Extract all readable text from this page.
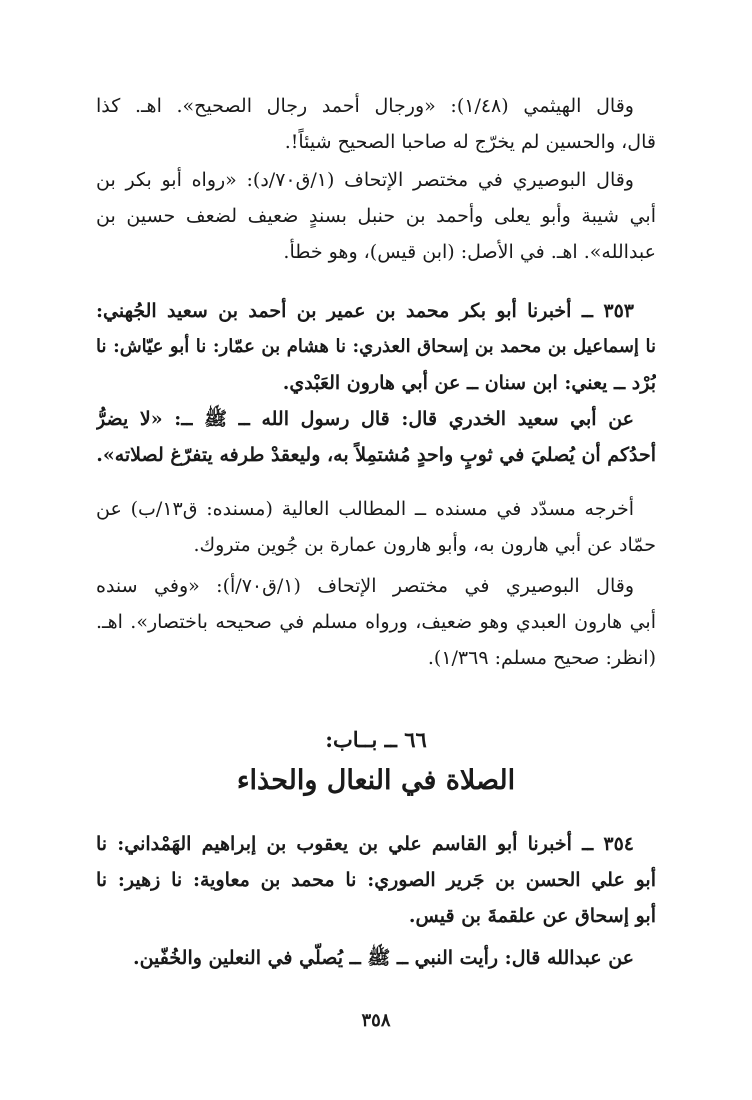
وقال الهيثمي (١/٤٨): «ورجال أحمد رجال الصحيح». اهـ. كذا
قال، والحسين لم يخرّج له صاحبا الصحيح شيئاً!.
وقال البوصيري في مختصر الإتحاف (١/ق٧٠/د): «رواه أبو بكر بن
أبي شيبة وأبو يعلى وأحمد بن حنبل بسندٍ ضعيف لضعف حسين بن
عبدالله». اهـ. في الأصل: (ابن قيس)، وهو خطأ.
٣٥٣ ــ أخبرنا أبو بكر محمد بن عمير بن أحمد بن سعيد الجُهني:
نا إسماعيل بن محمد بن إسحاق العذري: نا هشام بن عمّار: نا أبو عيّاش: نا
بُرْد ــ يعني: ابن سنان ــ عن أبي هارون العَبْدي.
عن أبي سعيد الخدري قال: قال رسول الله ــ ﷺ ــ: «لا يضرُّ
أحدُكم أن يُصليَ في ثوبٍ واحدٍ مُشتمِلاً به، وليعقدْ طرفه يتفرّغ لصلاته».
أخرجه مسدّد في مسنده ــ المطالب العالية (مسنده: ق١٣/ب) عن
حمّاد عن أبي هارون به، وأبو هارون عمارة بن جُوين متروك.
وقال البوصيري في مختصر الإتحاف (١/ق٧٠/أ): «وفي سنده
أبي هارون العبدي وهو ضعيف، ورواه مسلم في صحيحه باختصار». اهـ.
(انظر: صحيح مسلم: ١/٣٦٩).
٦٦ ــ بــاب:
الصلاة في النعال والحذاء
٣٥٤ ــ أخبرنا أبو القاسم علي بن يعقوب بن إبراهيم الهَمْداني: نا
أبو علي الحسن بن جَرير الصوري: نا محمد بن معاوية: نا زهير: نا
أبو إسحاق عن علقمةَ بن قيس.
عن عبدالله قال: رأيت النبي ــ ﷺ ــ يُصلّي في النعلين والخُفّين.
٣٥٨
